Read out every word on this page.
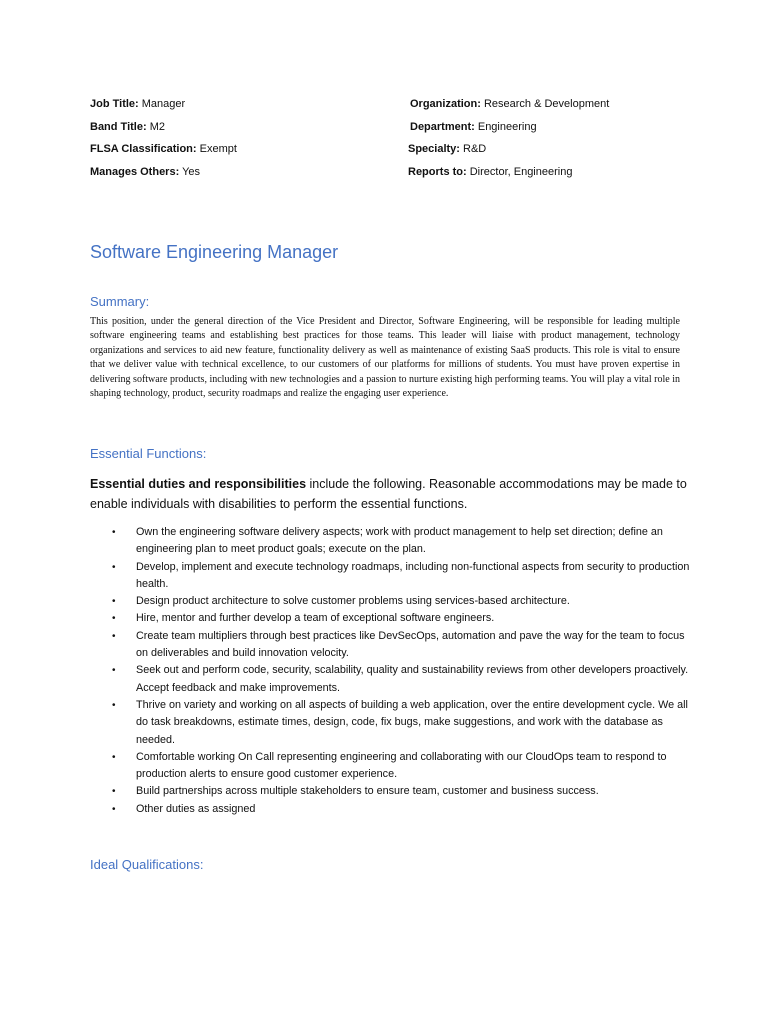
Job Title: Manager
Band Title: M2
FLSA Classification: Exempt
Manages Others: Yes
Organization: Research & Development
Department: Engineering
Specialty: R&D
Reports to: Director, Engineering
Software Engineering Manager
Summary:
This position, under the general direction of the Vice President and Director, Software Engineering, will be responsible for leading multiple software engineering teams and establishing best practices for those teams. This leader will liaise with product management, technology organizations and services to aid new feature, functionality delivery as well as maintenance of existing SaaS products. This role is vital to ensure that we deliver value with technical excellence, to our customers of our platforms for millions of students. You must have proven expertise in delivering software products, including with new technologies and a passion to nurture existing high performing teams. You will play a vital role in shaping technology, product, security roadmaps and realize the engaging user experience.
Essential Functions:
Essential duties and responsibilities include the following. Reasonable accommodations may be made to enable individuals with disabilities to perform the essential functions.
• Own the engineering software delivery aspects; work with product management to help set direction; define an engineering plan to meet product goals; execute on the plan.
• Develop, implement and execute technology roadmaps, including non-functional aspects from security to production health.
• Design product architecture to solve customer problems using services-based architecture.
• Hire, mentor and further develop a team of exceptional software engineers.
• Create team multipliers through best practices like DevSecOps, automation and pave the way for the team to focus on deliverables and build innovation velocity.
• Seek out and perform code, security, scalability, quality and sustainability reviews from other developers proactively. Accept feedback and make improvements.
• Thrive on variety and working on all aspects of building a web application, over the entire development cycle. We all do task breakdowns, estimate times, design, code, fix bugs, make suggestions, and work with the database as needed.
• Comfortable working On Call representing engineering and collaborating with our CloudOps team to respond to production alerts to ensure good customer experience.
• Build partnerships across multiple stakeholders to ensure team, customer and business success.
• Other duties as assigned
Ideal Qualifications:
